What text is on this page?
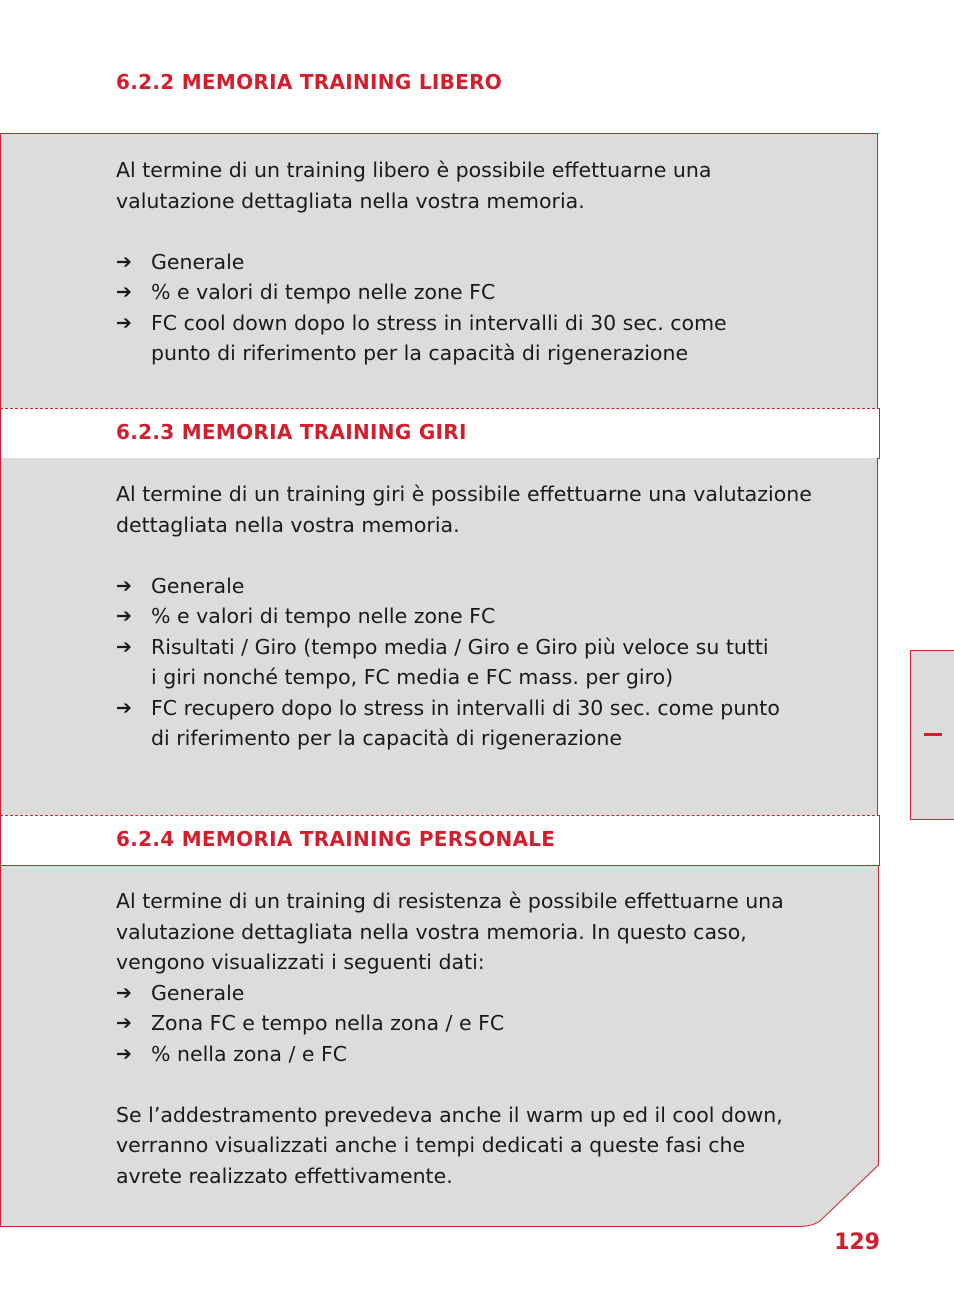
6.2.2 MEMORIA TRAINING LIBERO
Al termine di un training libero è possibile effettuarne una
valutazione dettagliata nella vostra memoria.
➔ Generale
➔ % e valori di tempo nelle zone FC
➔ FC cool down dopo lo stress in intervalli di 30 sec. come
punto di riferimento per la capacità di rigenerazione
6.2.3 MEMORIA TRAINING GIRI
Al termine di un training giri è possibile effettuarne una valutazione
dettagliata nella vostra memoria.
➔ Generale
➔ % e valori di tempo nelle zone FC
➔ Risultati / Giro (tempo media / Giro e Giro più veloce su tutti
i giri nonché tempo, FC media e FC mass. per giro)
➔ FC recupero dopo lo stress in intervalli di 30 sec. come punto
di riferimento per la capacità di rigenerazione
6.2.4 MEMORIA TRAINING PERSONALE
Al termine di un training di resistenza è possibile effettuarne una
valutazione dettagliata nella vostra memoria. In questo caso,
vengono visualizzati i seguenti dati:
➔ Generale
➔ Zona FC e tempo nella zona / e FC
➔ % nella zona / e FC
Se l’addestramento prevedeva anche il warm up ed il cool down,
verranno visualizzati anche i tempi dedicati a queste fasi che
avrete realizzato effettivamente.
129
